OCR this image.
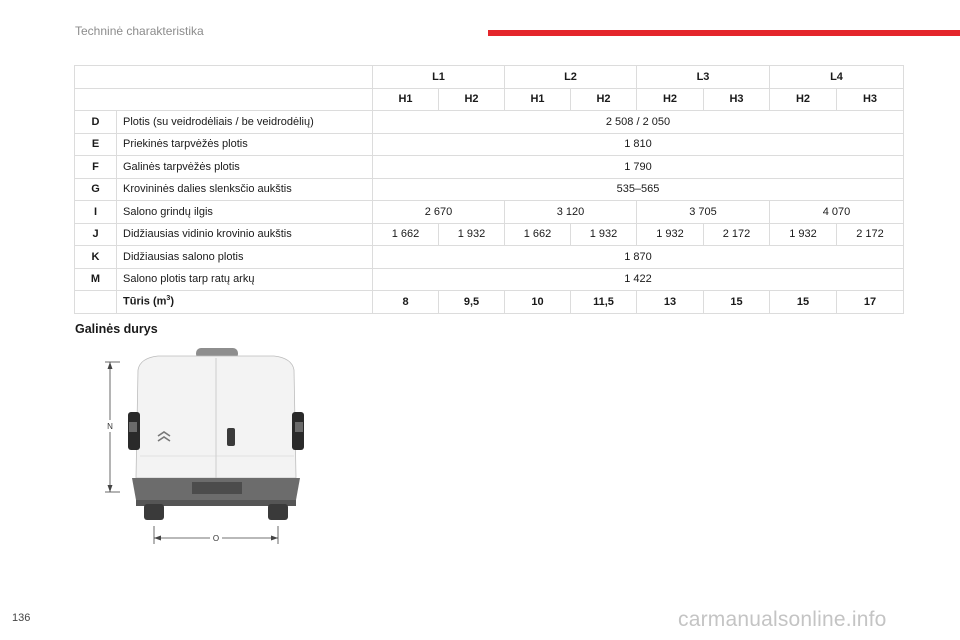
Techninė charakteristika
		L1		L2		L3		L4	
		H1	H2	H1	H2	H2	H3	H2	H3
D	Plotis (su veidrodėliais / be veidrodėlių)	2 508 / 2 050							
E	Priekinės tarpvėžės plotis	1 810							
F	Galinės tarpvėžės plotis	1 790							
G	Krovininės dalies slenksčio aukštis	535–565							
I	Salono grindų ilgis	2 670		3 120		3 705		4 070	
J	Didžiausias vidinio krovinio aukštis	1 662	1 932	1 662	1 932	1 932	2 172	1 932	2 172
K	Didžiausias salono plotis	1 870							
M	Salono plotis tarp ratų arkų	1 422							
	Tūris $(m^3)$	8	9,5	10	11,5	13	15	15	17
Galinės durys
N
O
136	carmanualsonline.info
